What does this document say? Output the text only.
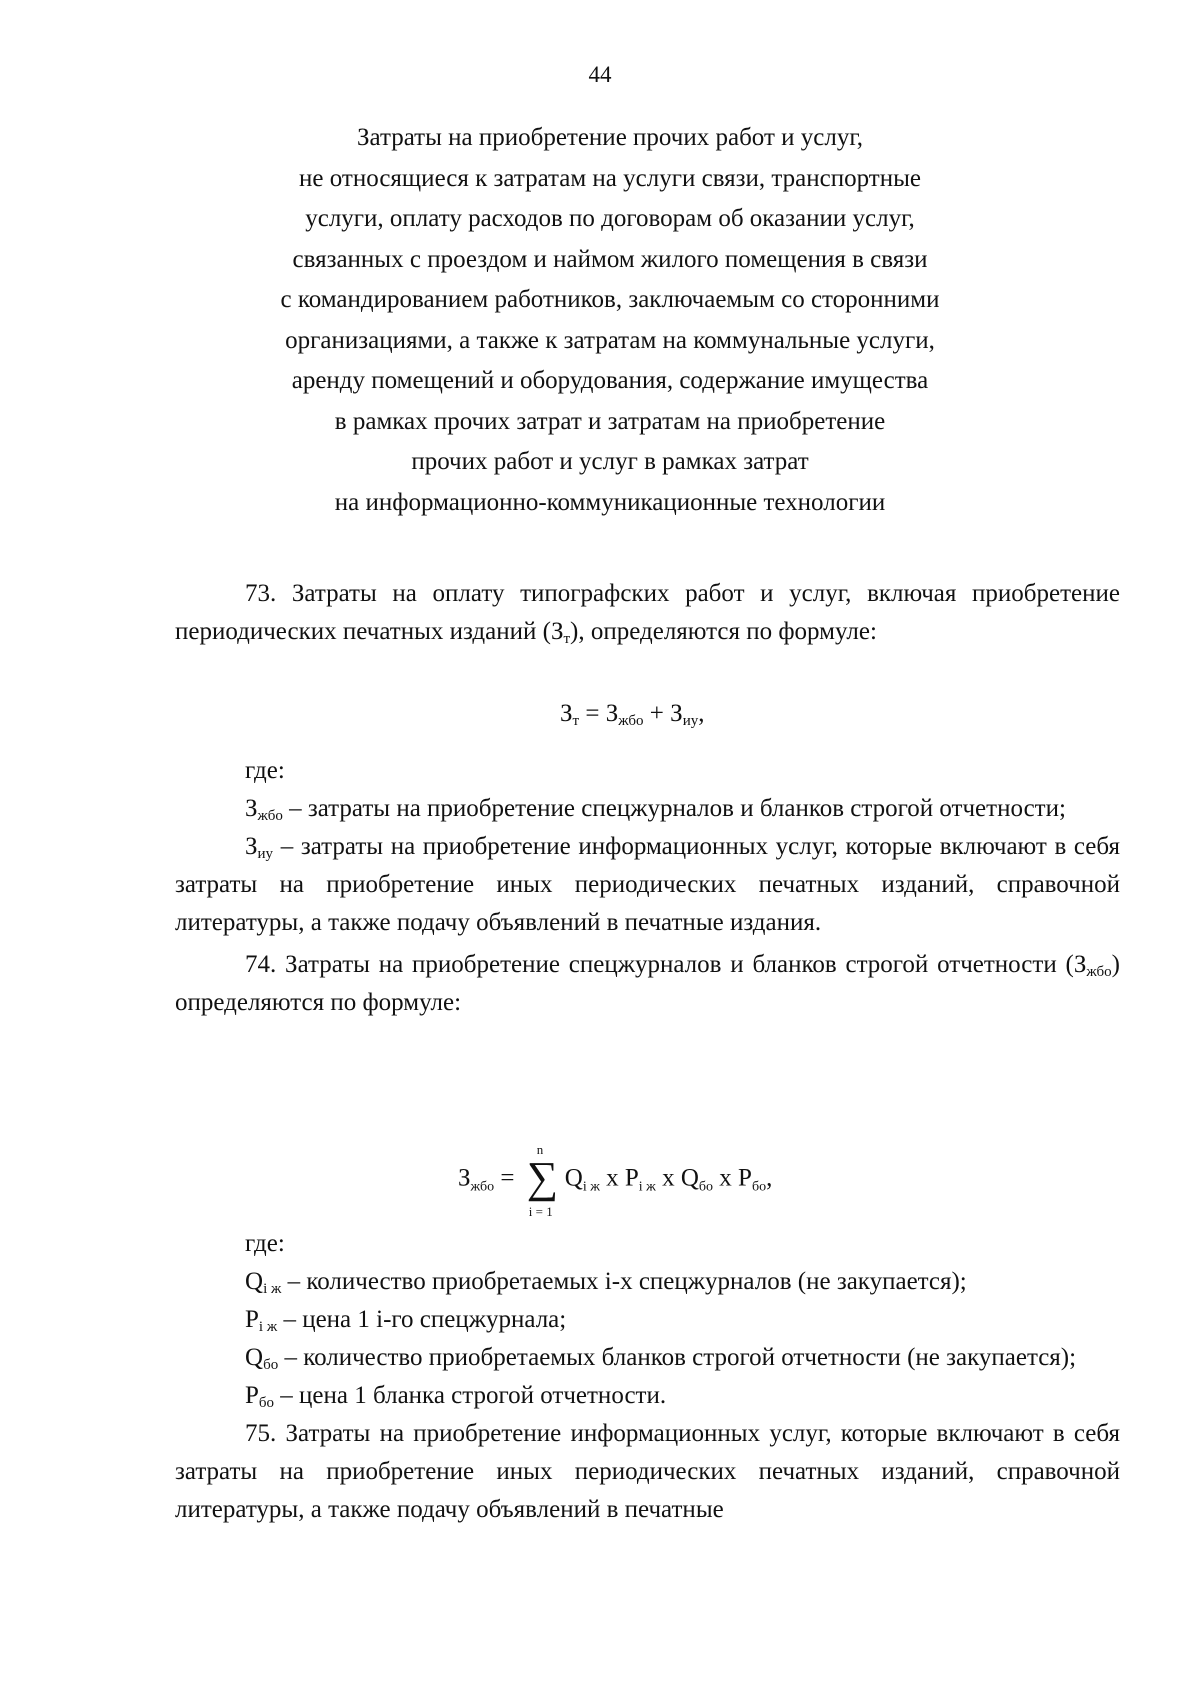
44
Затраты на приобретение прочих работ и услуг,
не относящиеся к затратам на услуги связи, транспортные
услуги, оплату расходов по договорам об оказании услуг,
связанных с проездом и наймом жилого помещения в связи
с командированием работников, заключаемым со сторонними
организациями, а также к затратам на коммунальные услуги,
аренду помещений и оборудования, содержание имущества
в рамках прочих затрат и затратам на приобретение
прочих работ и услуг в рамках затрат
на информационно-коммуникационные технологии

73. Затраты на оплату типографских работ и услуг, включая приобретение периодических печатных изданий $(З_т)$, определяются по формуле:

$З_т = З_{жбо} + З_{иу}$,

где:

$З_{жбо}$ – затраты на приобретение спецжурналов и бланков строгой отчетности;

$З_{иу}$ – затраты на приобретение информационных услуг, которые включают в себя затраты на приобретение иных периодических печатных изданий, справочной литературы, а также подачу объявлений в печатные издания.

74. Затраты на приобретение спецжурналов и бланков строгой отчетности $(З_{жбо})$ определяются по формуле:

$З_{жбо}$ =
n
∑
i = 1
$Q_{i ж}$ x $P_{i ж}$ x $Q_{бо}$ x $P_{бо}$,

где:

$Q_{i ж}$ – количество приобретаемых i-х спецжурналов (не закупается);

$P_{i ж}$ – цена 1 i-го спецжурнала;

$Q_{бо}$ – количество приобретаемых бланков строгой отчетности (не закупается);

$P_{бо}$ – цена 1 бланка строгой отчетности.

75. Затраты на приобретение информационных услуг, которые включают в себя затраты на приобретение иных периодических печатных изданий, справочной литературы, а также подачу объявлений в печатные
